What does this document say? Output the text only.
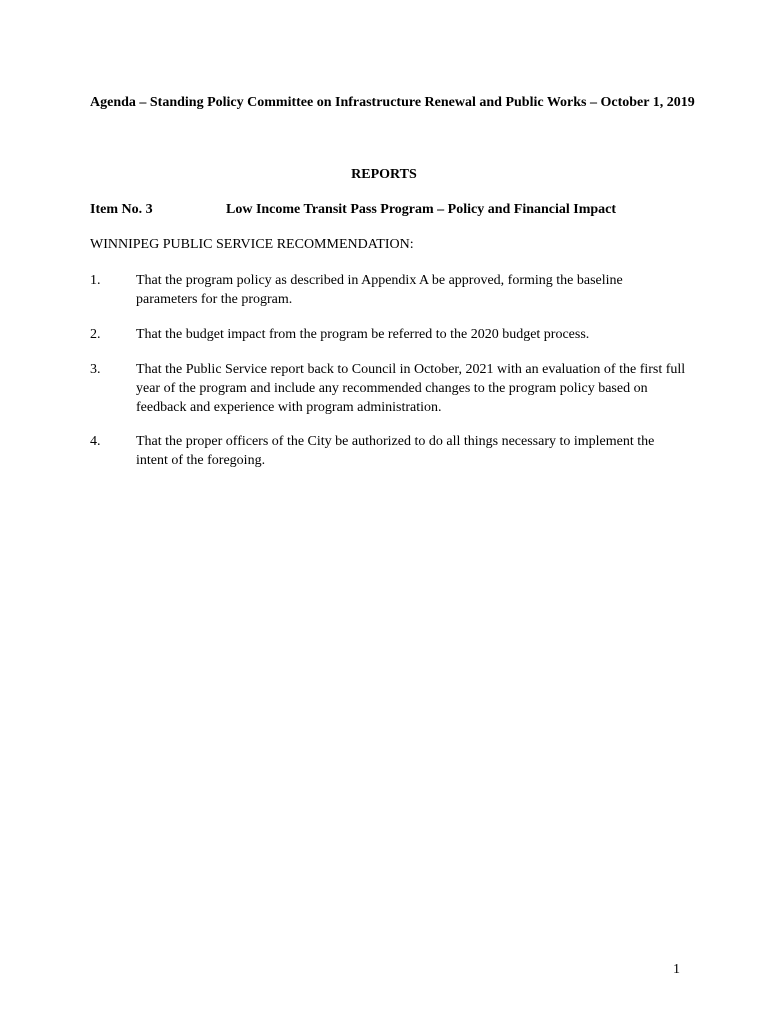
Agenda – Standing Policy Committee on Infrastructure Renewal and Public Works – October 1, 2019

REPORTS

Item No. 3	Low Income Transit Pass Program – Policy and Financial Impact

WINNIPEG PUBLIC SERVICE RECOMMENDATION:

1.	That the program policy as described in Appendix A be approved, forming the baseline parameters for the program.
2.	That the budget impact from the program be referred to the 2020 budget process.
3.	That the Public Service report back to Council in October, 2021 with an evaluation of the first full year of the program and include any recommended changes to the program policy based on feedback and experience with program administration.
4.	That the proper officers of the City be authorized to do all things necessary to implement the intent of the foregoing.
1
